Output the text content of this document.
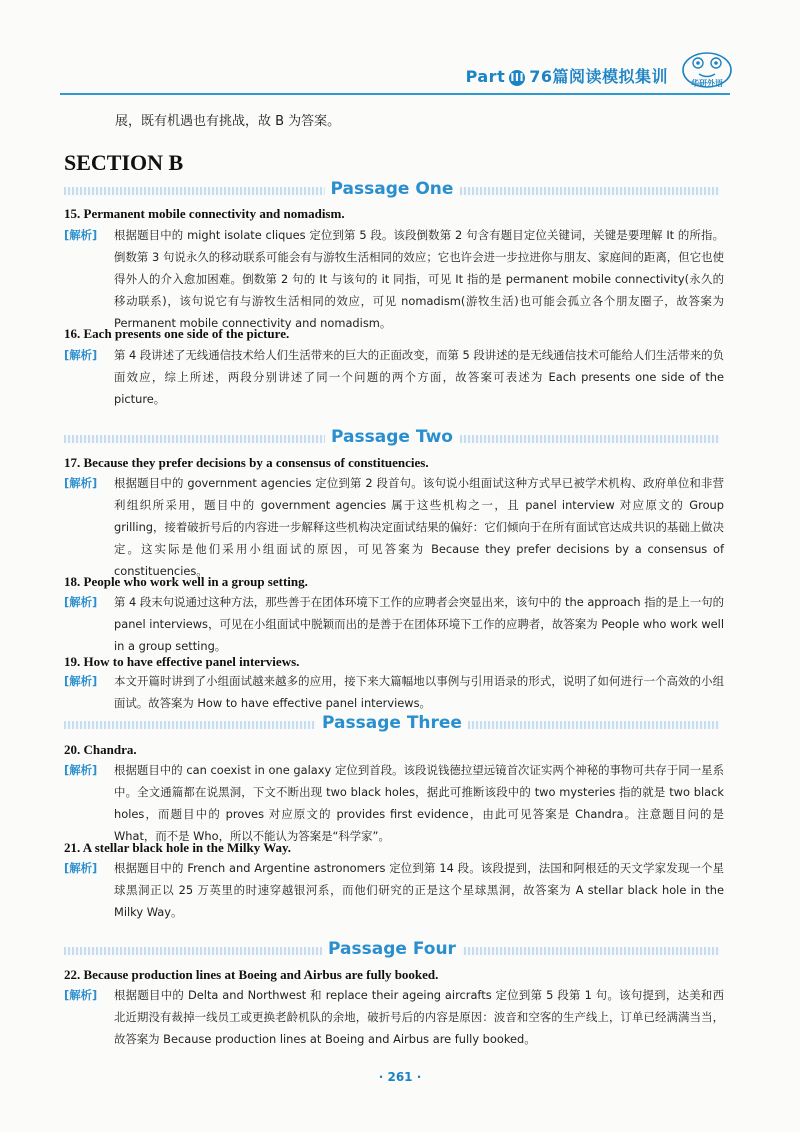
Part III 76篇阅读模拟集训	华研外语
展，既有机遇也有挑战，故 B 为答案。
SECTION B
Passage One
15. Permanent mobile connectivity and nomadism.
[解析] 根据题目中的 might isolate cliques 定位到第 5 段。该段倒数第 2 句含有题目定位关键词，关键是要理解 It 的所指。倒数第 3 句说永久的移动联系可能会有与游牧生活相同的效应；它也许会进一步拉进你与朋友、家庭间的距离，但它也使得外人的介入愈加困难。倒数第 2 句的 It 与该句的 it 同指，可见 It 指的是 permanent mobile connectivity(永久的移动联系)，该句说它有与游牧生活相同的效应，可见 nomadism(游牧生活)也可能会孤立各个朋友圈子，故答案为 Permanent mobile connectivity and nomadism。
16. Each presents one side of the picture.
[解析] 第 4 段讲述了无线通信技术给人们生活带来的巨大的正面改变，而第 5 段讲述的是无线通信技术可能给人们生活带来的负面效应，综上所述，两段分别讲述了同一个问题的两个方面，故答案可表述为 Each presents one side of the picture。
Passage Two
17. Because they prefer decisions by a consensus of constituencies.
[解析] 根据题目中的 government agencies 定位到第 2 段首句。该句说小组面试这种方式早已被学术机构、政府单位和非营利组织所采用，题目中的 government agencies 属于这些机构之一，且 panel interview 对应原文的 Group grilling，接着破折号后的内容进一步解释这些机构决定面试结果的偏好：它们倾向于在所有面试官达成共识的基础上做决定。这实际是他们采用小组面试的原因，可见答案为 Because they prefer decisions by a consensus of constituencies。
18. People who work well in a group setting.
[解析] 第 4 段末句说通过这种方法，那些善于在团体环境下工作的应聘者会突显出来，该句中的 the approach 指的是上一句的 panel interviews，可见在小组面试中脱颖而出的是善于在团体环境下工作的应聘者，故答案为 People who work well in a group setting。
19. How to have effective panel interviews.
[解析] 本文开篇时讲到了小组面试越来越多的应用，接下来大篇幅地以事例与引用语录的形式，说明了如何进行一个高效的小组面试。故答案为 How to have effective panel interviews。
Passage Three
20. Chandra.
[解析] 根据题目中的 can coexist in one galaxy 定位到首段。该段说钱德拉望远镜首次证实两个神秘的事物可共存于同一星系中。全文通篇都在说黑洞，下文不断出现 two black holes，据此可推断该段中的 two mysteries 指的就是 two black holes，而题目中的 proves 对应原文的 provides first evidence，由此可见答案是 Chandra。注意题目问的是 What，而不是 Who，所以不能认为答案是“科学家”。
21. A stellar black hole in the Milky Way.
[解析] 根据题目中的 French and Argentine astronomers 定位到第 14 段。该段提到，法国和阿根廷的天文学家发现一个星球黑洞正以 25 万英里的时速穿越银河系，而他们研究的正是这个星球黑洞，故答案为 A stellar black hole in the Milky Way。
Passage Four
22. Because production lines at Boeing and Airbus are fully booked.
[解析] 根据题目中的 Delta and Northwest 和 replace their ageing aircrafts 定位到第 5 段第 1 句。该句提到，达美和西北近期没有裁掉一线员工或更换老龄机队的余地，破折号后的内容是原因：波音和空客的生产线上，订单已经满满当当，故答案为 Because production lines at Boeing and Airbus are fully booked。
· 261 ·
